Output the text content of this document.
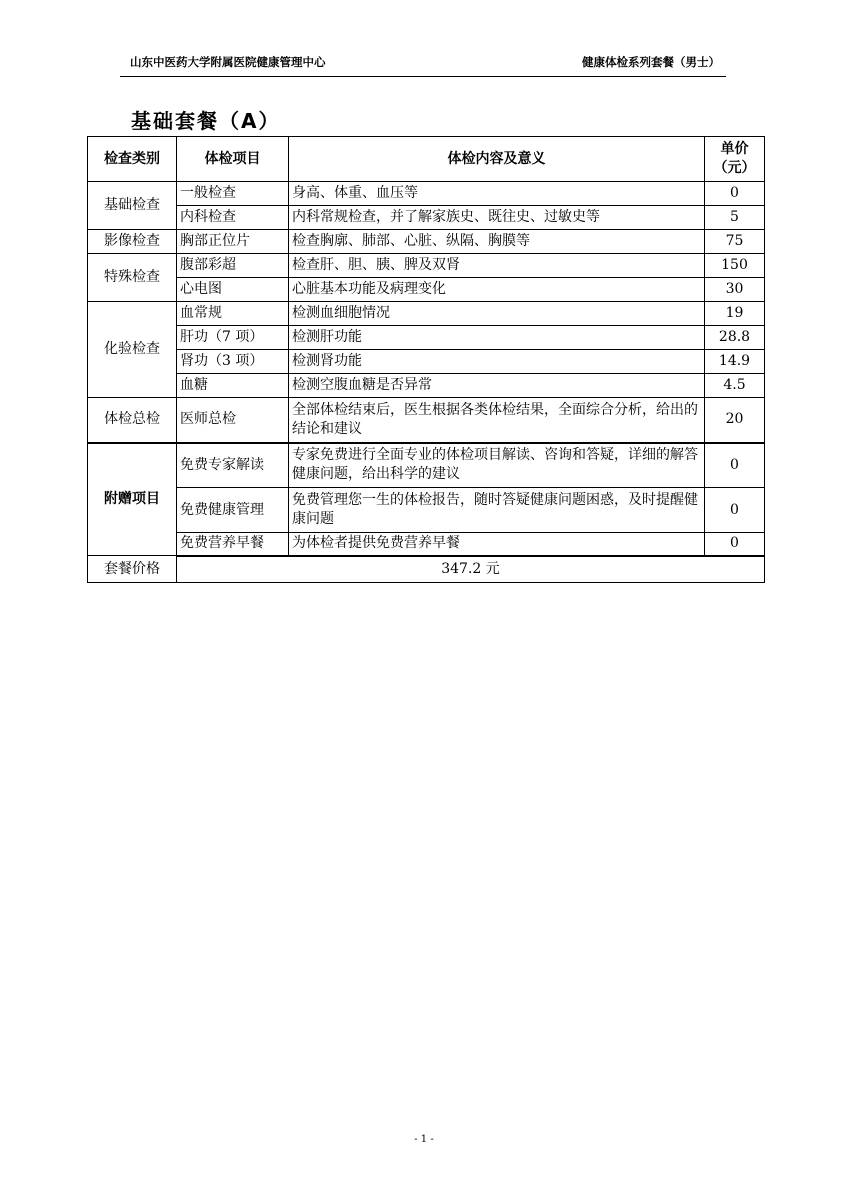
山东中医药大学附属医院健康管理中心	健康体检系列套餐（男士）
基础套餐（A）
检查类别	体检项目	体检内容及意义	单价（元）
基础检查	一般检查	身高、体重、血压等	0
	内科检查	内科常规检查，并了解家族史、既往史、过敏史等	5
影像检查	胸部正位片	检查胸廓、肺部、心脏、纵隔、胸膜等	75
特殊检查	腹部彩超	检查肝、胆、胰、脾及双肾	150
	心电图	心脏基本功能及病理变化	30
化验检查	血常规	检测血细胞情况	19
	肝功（7 项）	检测肝功能	28.8
	肾功（3 项）	检测肾功能	14.9
	血糖	检测空腹血糖是否异常	4.5
体检总检	医师总检	全部体检结束后，医生根据各类体检结果，全面综合分析，给出的结论和建议	20
附赠项目	免费专家解读	专家免费进行全面专业的体检项目解读、咨询和答疑，详细的解答健康问题，给出科学的建议	0
	免费健康管理	免费管理您一生的体检报告，随时答疑健康问题困惑，及时提醒健康问题	0
	免费营养早餐	为体检者提供免费营养早餐	0
套餐价格	347.2 元		
- 1 -
